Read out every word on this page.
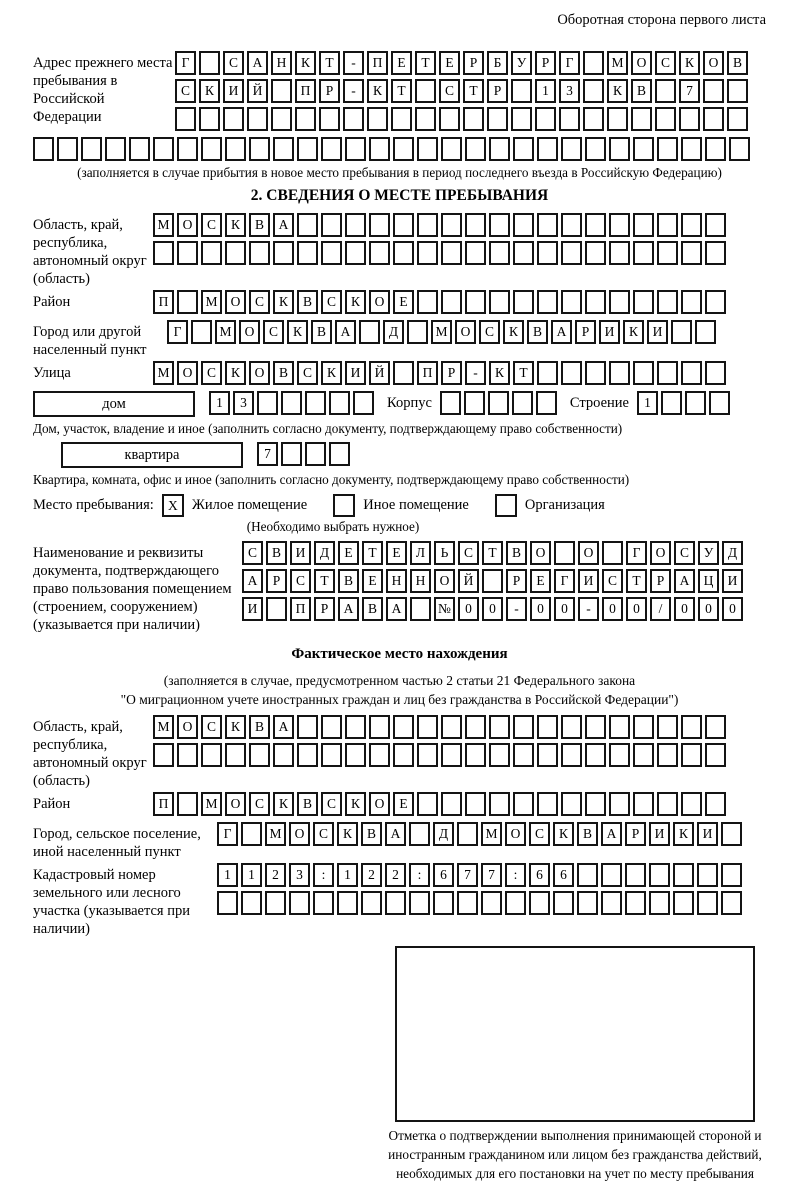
Оборотная сторона первого листа
Адрес прежнего места пребывания в Российской Федерации
Г	С А Н К Т - П Е Т Е Р Б У Р Г	М О С К О В
С К И Й	П Р - К Т	С Т Р	1 3	К В	7
(заполняется в случае прибытия в новое место пребывания в период последнего въезда в Российскую Федерацию)
2. СВЕДЕНИЯ О МЕСТЕ ПРЕБЫВАНИЯ
Область, край, республика, автономный округ (область)
М О С К В А
Район	П	М О С К В С К О Е
Город или другой населенный пункт
Г	М О С К В А	Д	М О С К В А Р И К И
Улица	М О С К О В С К И Й	П Р - К Т
дом	1 3	Корпус	Строение	1
Дом, участок, владение и иное (заполнить согласно документу, подтверждающему право собственности)
квартира	7
Квартира, комната, офис и иное (заполнить согласно документу, подтверждающему право собственности)
Место пребывания:	X Жилое помещение	Иное помещение	Организация
(Необходимо выбрать нужное)
Наименование и реквизиты документа, подтверждающего право пользования помещением (строением, сооружением) (указывается при наличии)
С В И Д Е Т Е Л Ь С Т В О	О	Г О С У Д
А Р С Т В Е Н Н О Й	Р Е Г И С Т Р А Ц И
И	П Р А В А	№ 0 0 - 0 0 - 0 0 / 0 0 0
Фактическое место нахождения
(заполняется в случае, предусмотренном частью 2 статьи 21 Федерального закона
"О миграционном учете иностранных граждан и лиц без гражданства в Российской Федерации")
Область, край, республика, автономный округ (область)
М О С К В А
Район	П	М О С К В С К О Е
Город, сельское поселение, иной населенный пункт
Г	М О С К В А	Д	М О С К В А Р И К И
Кадастровый номер земельного или лесного участка (указывается при наличии)
1 1 2 3 : 1 2 2 : 6 7 7 : 6 6
Отметка о подтверждении выполнения принимающей стороной и иностранным гражданином или лицом без гражданства действий, необходимых для его постановки на учет по месту пребывания
